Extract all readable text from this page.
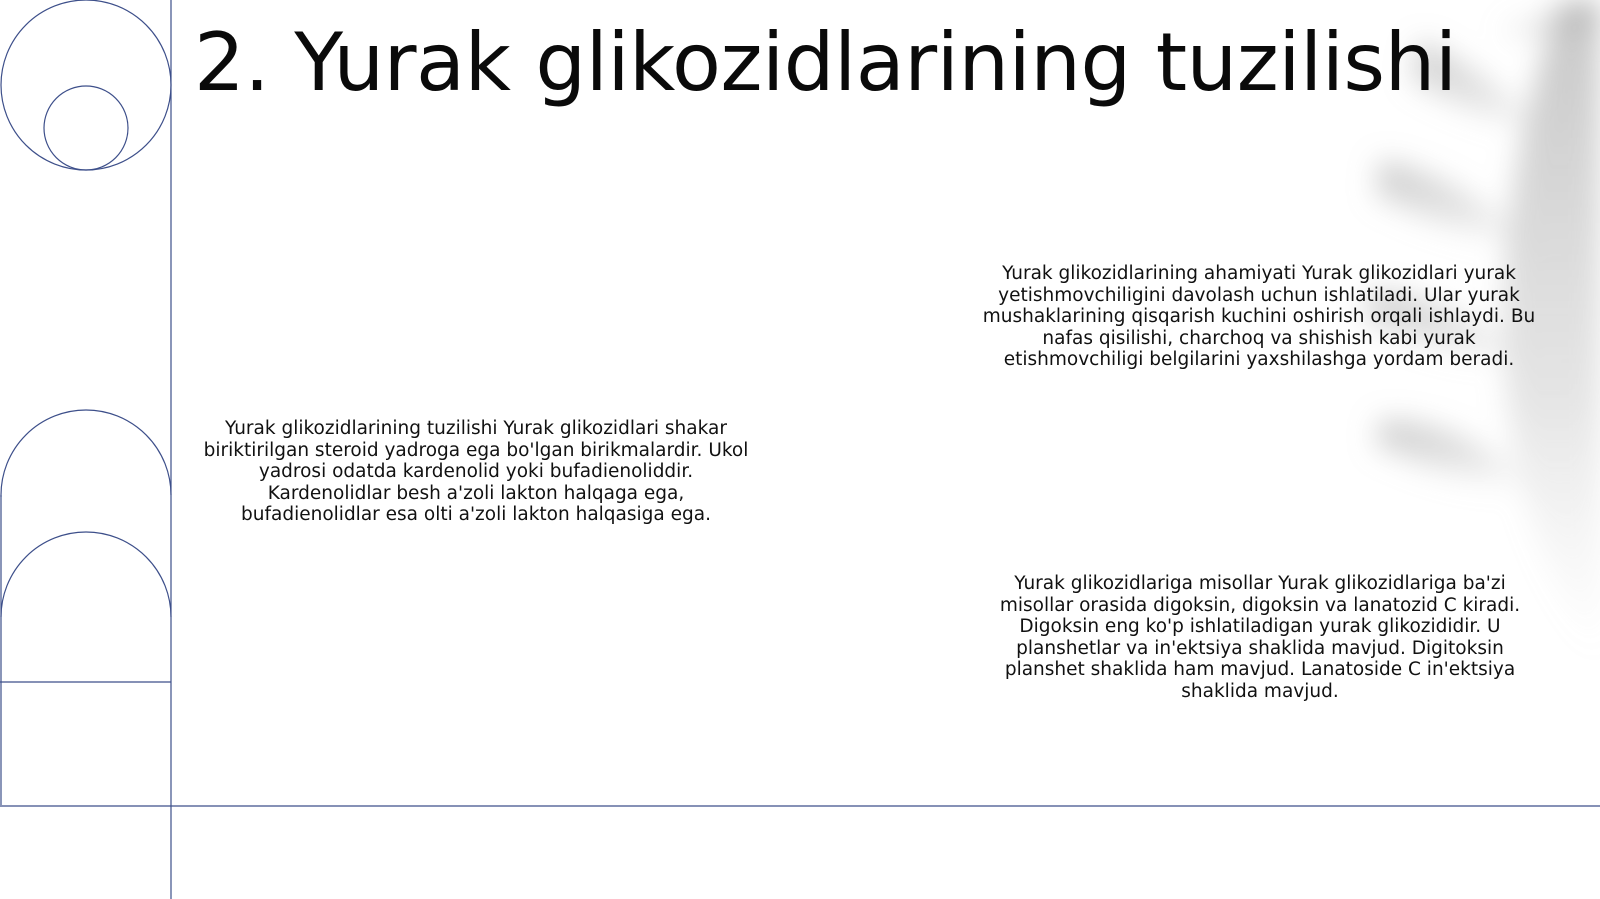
2. Yurak glikozidlarining tuzilishi

Yurak glikozidlarining ahamiyati Yurak glikozidlari yurak yetishmovchiligini davolash uchun ishlatiladi. Ular yurak mushaklarining qisqarish kuchini oshirish orqali ishlaydi. Bu nafas qisilishi, charchoq va shishish kabi yurak etishmovchiligi belgilarini yaxshilashga yordam beradi.

Yurak glikozidlarining tuzilishi Yurak glikozidlari shakar biriktirilgan steroid yadroga ega bo'lgan birikmalardir. Ukol yadrosi odatda kardenolid yoki bufadienoliddir. Kardenolidlar besh a'zoli lakton halqaga ega, bufadienolidlar esa olti a'zoli lakton halqasiga ega.

Yurak glikozidlariga misollar Yurak glikozidlariga ba'zi misollar orasida digoksin, digoksin va lanatozid C kiradi. Digoksin eng ko'p ishlatiladigan yurak glikozididir. U planshetlar va in'ektsiya shaklida mavjud. Digitoksin planshet shaklida ham mavjud. Lanatoside C in'ektsiya shaklida mavjud.
